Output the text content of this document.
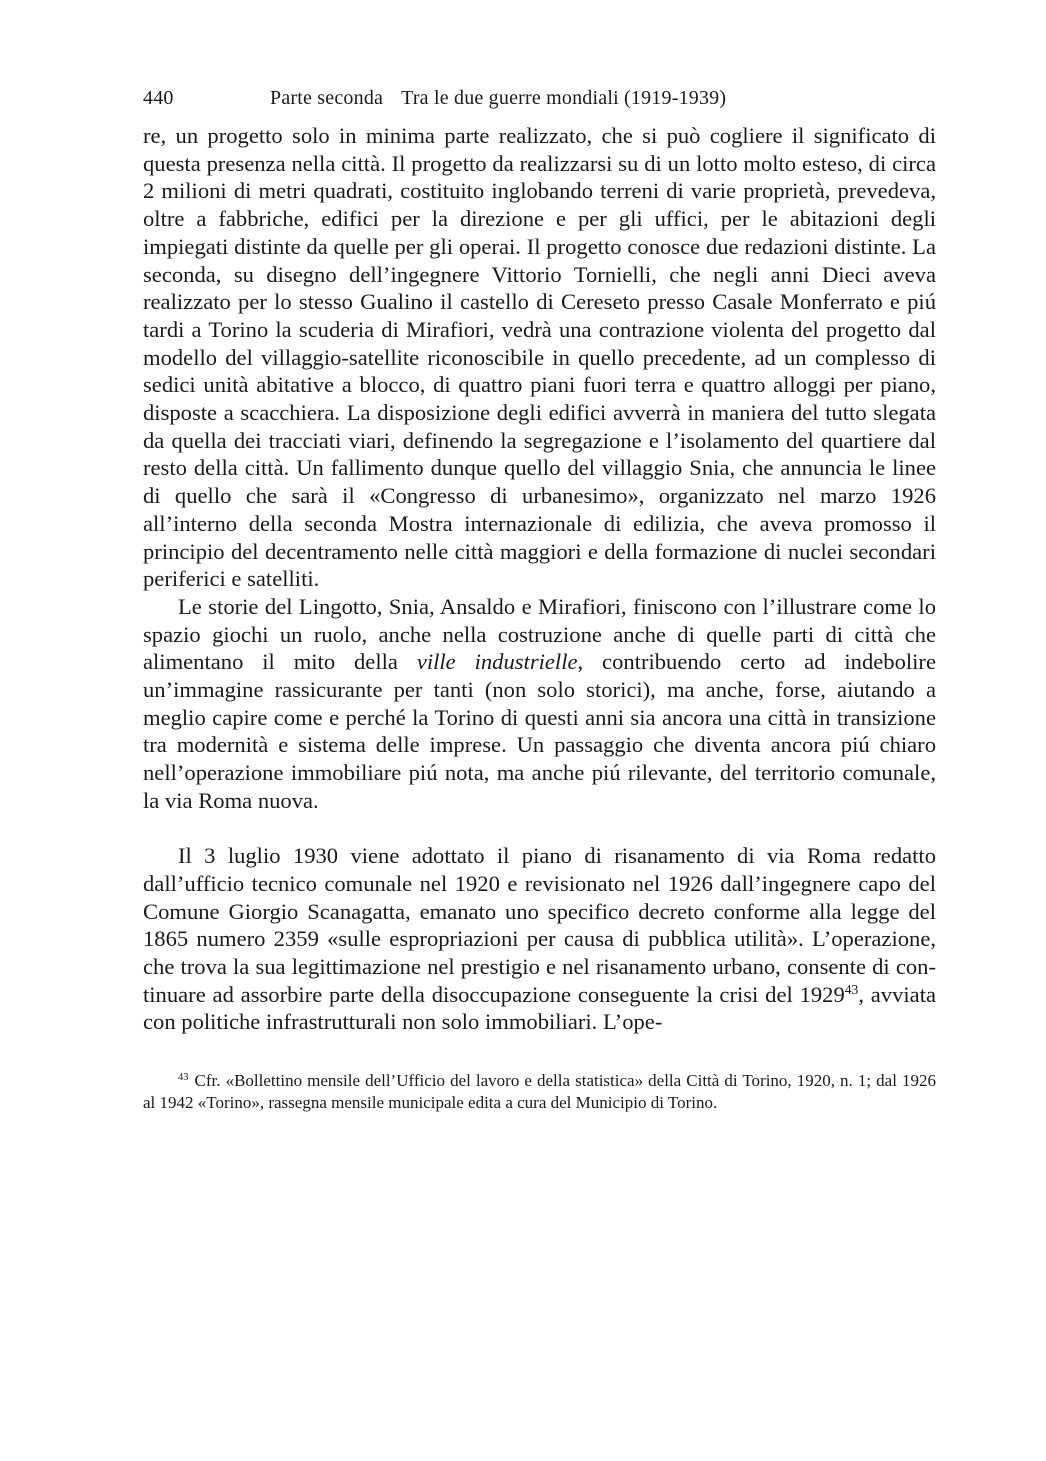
440	Parte seconda Tra le due guerre mondiali (1919-1939)

re, un progetto solo in minima parte realizzato, che si può cogliere il significato di questa presenza nella città. Il progetto da realizzarsi su di un lotto molto esteso, di circa 2 milioni di metri quadrati, costituito inglobando terreni di varie proprietà, prevedeva, oltre a fabbriche, edifici per la direzione e per gli uffici, per le abitazioni degli impiegati distinte da quelle per gli operai. Il progetto conosce due redazioni distinte. La seconda, su disegno dell’ingegnere Vittorio Tornielli, che negli anni Dieci aveva realizzato per lo stesso Gualino il castello di Cereseto presso Casale Monferrato e piú tardi a Torino la scuderia di Mirafiori, vedrà una contrazione violenta del progetto dal modello del villaggio-satellite riconoscibile in quello precedente, ad un complesso di sedici unità abitative a blocco, di quattro piani fuori terra e quattro alloggi per piano, disposte a scacchiera. La disposizione degli edifici avverrà in maniera del tutto slegata da quella dei tracciati viari, definendo la segregazione e l’isolamento del quartiere dal resto della città. Un fallimento dunque quello del villaggio Snia, che annuncia le linee di quello che sarà il «Congresso di urbanesimo», organizzato nel marzo 1926 all’interno della seconda Mostra internazionale di edilizia, che aveva promosso il principio del decentramento nelle città maggiori e della formazione di nuclei secondari periferici e satelliti.

Le storie del Lingotto, Snia, Ansaldo e Mirafiori, finiscono con l’illustrare come lo spazio giochi un ruolo, anche nella costruzione anche di quelle parti di città che alimentano il mito della ville industrielle, contribuendo certo ad indebolire un’immagine rassicurante per tanti (non solo storici), ma anche, forse, aiutando a meglio capire come e perché la Torino di questi anni sia ancora una città in transizione tra modernità e sistema delle imprese. Un passaggio che diventa ancora piú chiaro nell’operazione immobiliare piú nota, ma anche piú rilevante, del territorio comunale, la via Roma nuova.

Il 3 luglio 1930 viene adottato il piano di risanamento di via Roma redatto dall’ufficio tecnico comunale nel 1920 e revisionato nel 1926 dall’ingegnere capo del Comune Giorgio Scanagatta, emanato uno specifico decreto conforme alla legge del 1865 numero 2359 «sulle espropriazioni per causa di pubblica utilità». L’operazione, che trova la sua legittimazione nel prestigio e nel risanamento urbano, consente di continuare ad assorbire parte della disoccupazione conseguente la crisi del 1929$^{43}$, avviata con politiche infrastrutturali non solo immobiliari. L’ope-

$^{43}$ Cfr. «Bollettino mensile dell’Ufficio del lavoro e della statistica» della Città di Torino, 1920, n. 1; dal 1926 al 1942 «Torino», rassegna mensile municipale edita a cura del Municipio di Torino.
